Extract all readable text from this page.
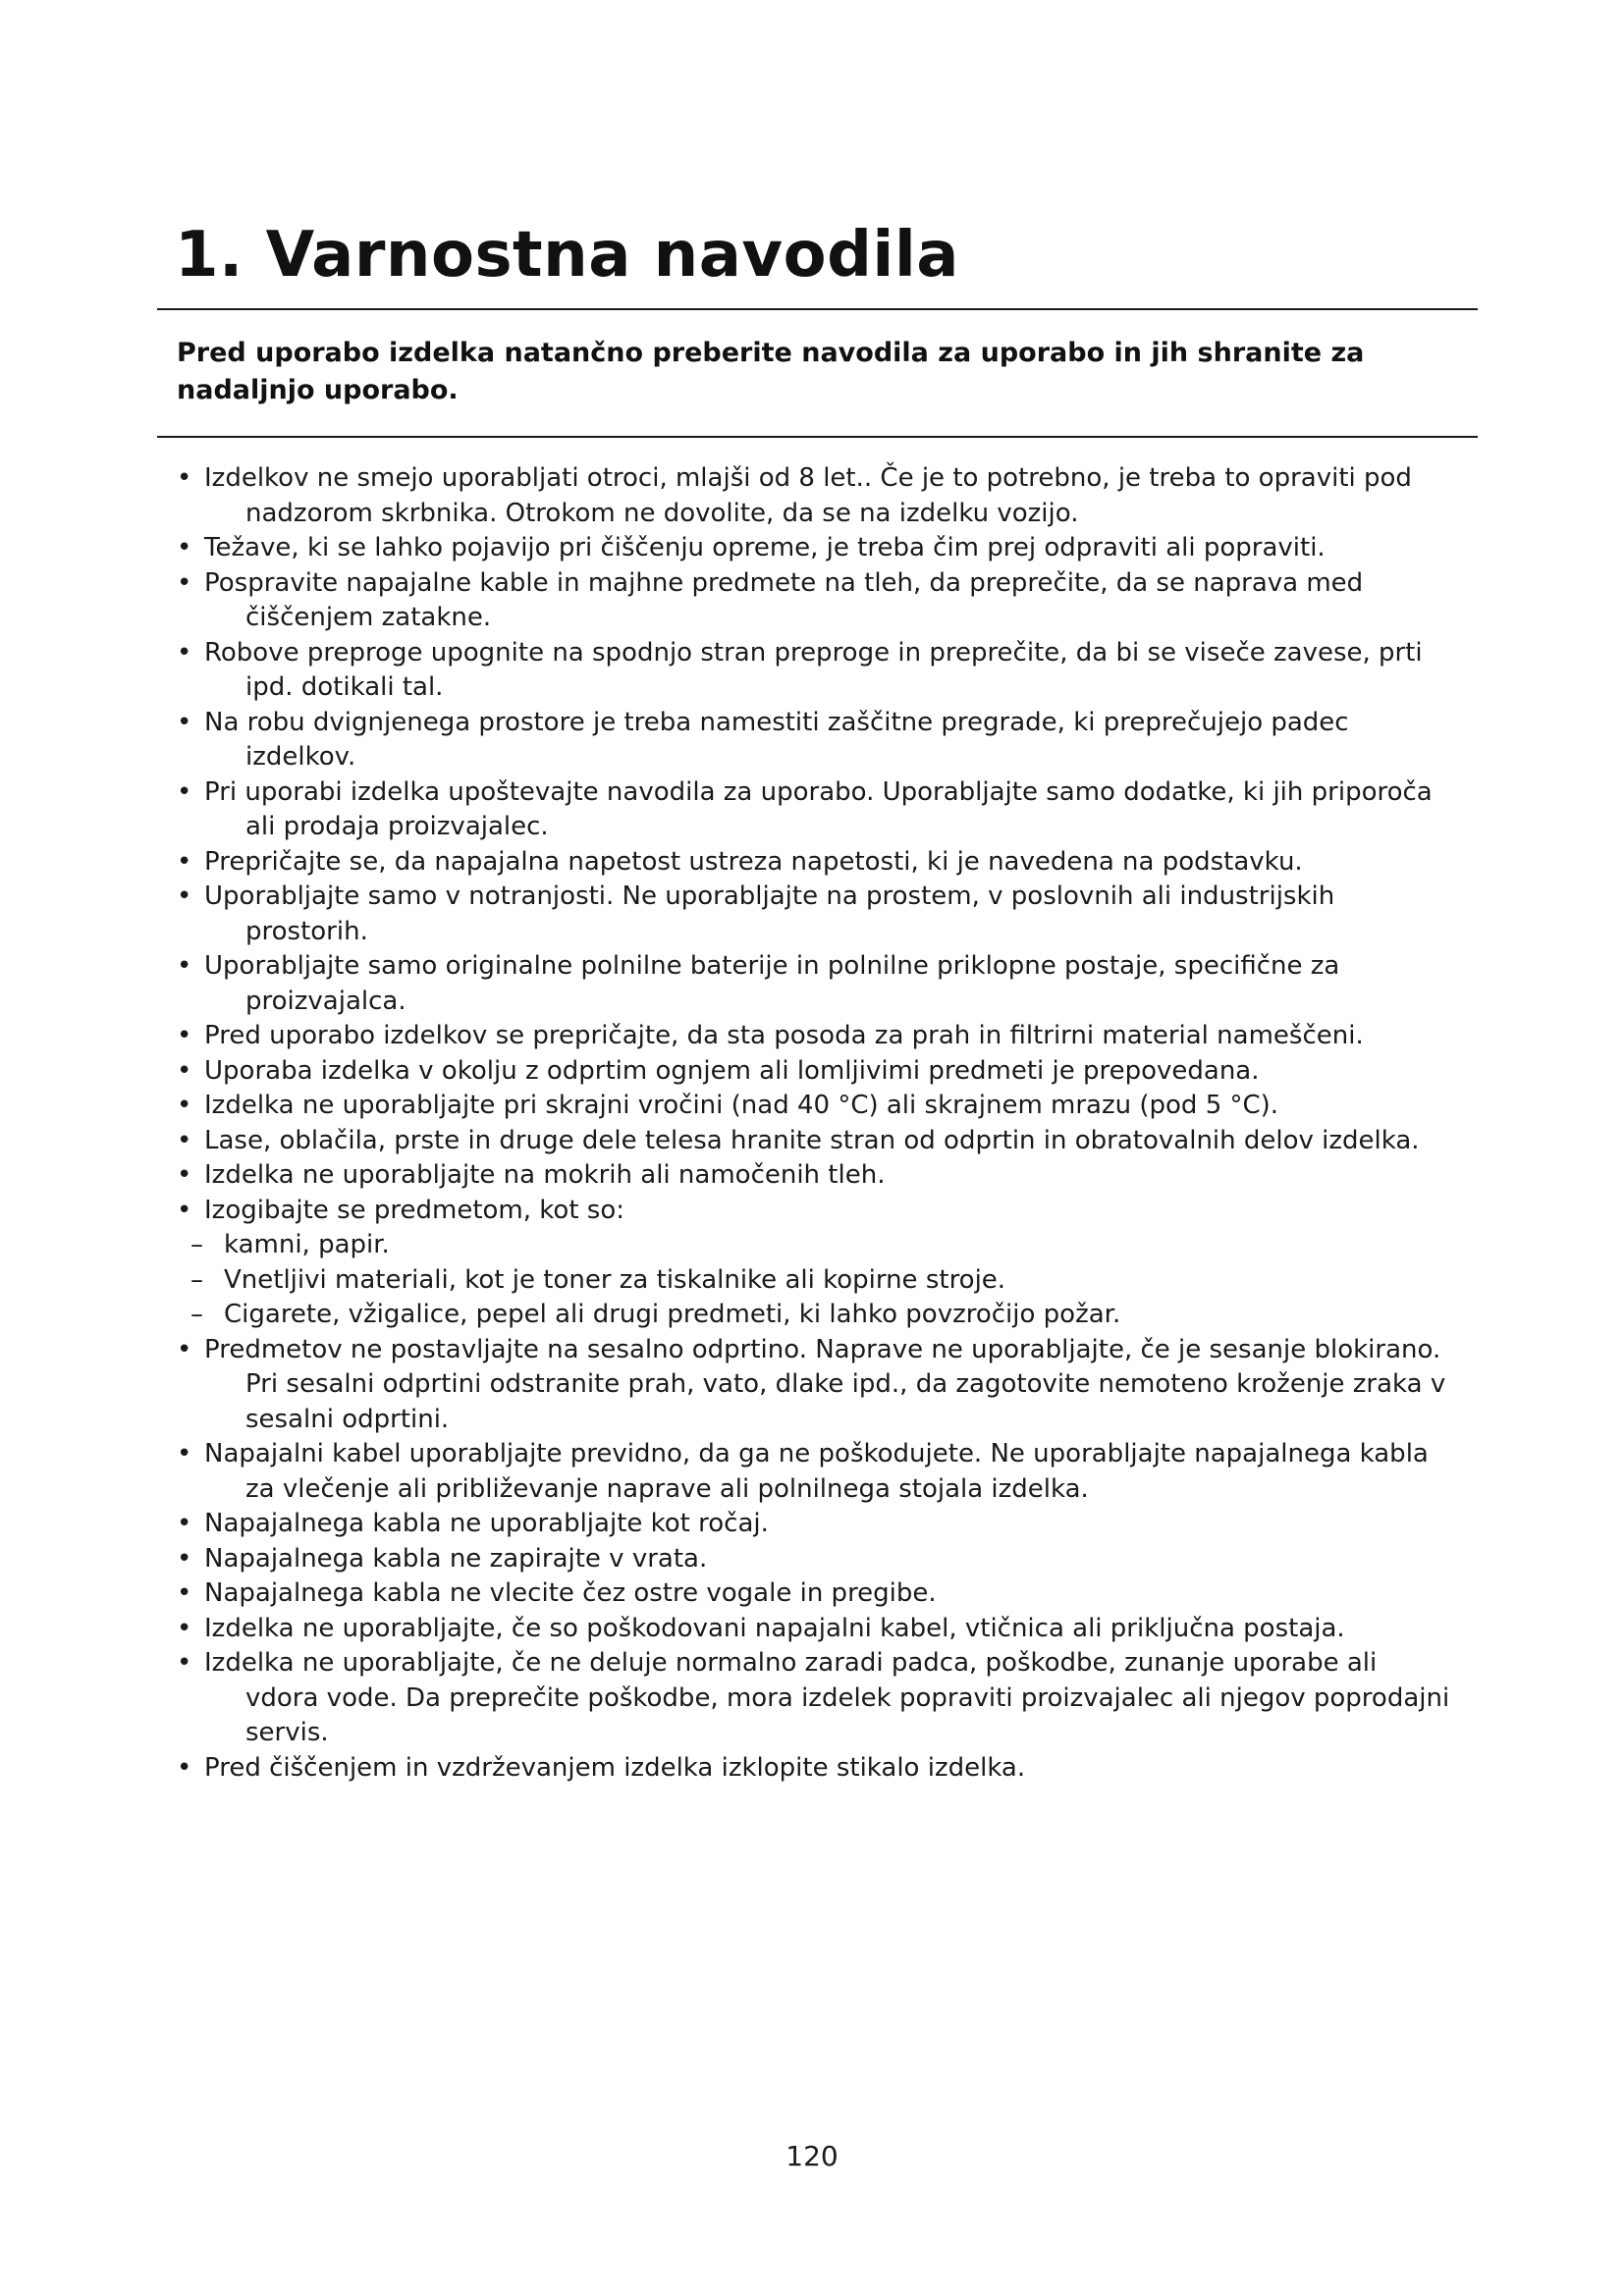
1. Varnostna navodila

Pred uporabo izdelka natančno preberite navodila za uporabo in jih shranite za nadaljnjo uporabo.

• Izdelkov ne smejo uporabljati otroci, mlajši od 8 let.. Če je to potrebno, je treba to opraviti pod nadzorom skrbnika. Otrokom ne dovolite, da se na izdelku vozijo.
• Težave, ki se lahko pojavijo pri čiščenju opreme, je treba čim prej odpraviti ali popraviti.
• Pospravite napajalne kable in majhne predmete na tleh, da preprečite, da se naprava med čiščenjem zatakne.
• Robove preproge upognite na spodnjo stran preproge in preprečite, da bi se viseče zavese, prti ipd. dotikali tal.
• Na robu dvignjenega prostore je treba namestiti zaščitne pregrade, ki preprečujejo padec izdelkov.
• Pri uporabi izdelka upoštevajte navodila za uporabo. Uporabljajte samo dodatke, ki jih priporoča ali prodaja proizvajalec.
• Prepričajte se, da napajalna napetost ustreza napetosti, ki je navedena na podstavku.
• Uporabljajte samo v notranjosti. Ne uporabljajte na prostem, v poslovnih ali industrijskih prostorih.
• Uporabljajte samo originalne polnilne baterije in polnilne priklopne postaje, specifične za proizvajalca.
• Pred uporabo izdelkov se prepričajte, da sta posoda za prah in filtrirni material nameščeni.
• Uporaba izdelka v okolju z odprtim ognjem ali lomljivimi predmeti je prepovedana.
• Izdelka ne uporabljajte pri skrajni vročini (nad 40 °C) ali skrajnem mrazu (pod 5 °C).
• Lase, oblačila, prste in druge dele telesa hranite stran od odprtin in obratovalnih delov izdelka.
• Izdelka ne uporabljajte na mokrih ali namočenih tleh.
• Izogibajte se predmetom, kot so:
– kamni, papir.
– Vnetljivi materiali, kot je toner za tiskalnike ali kopirne stroje.
– Cigarete, vžigalice, pepel ali drugi predmeti, ki lahko povzročijo požar.
• Predmetov ne postavljajte na sesalno odprtino. Naprave ne uporabljajte, če je sesanje blokirano. Pri sesalni odprtini odstranite prah, vato, dlake ipd., da zagotovite nemoteno kroženje zraka v sesalni odprtini.
• Napajalni kabel uporabljajte previdno, da ga ne poškodujete. Ne uporabljajte napajalnega kabla za vlečenje ali približevanje naprave ali polnilnega stojala izdelka.
• Napajalnega kabla ne uporabljajte kot ročaj.
• Napajalnega kabla ne zapirajte v vrata.
• Napajalnega kabla ne vlecite čez ostre vogale in pregibe.
• Izdelka ne uporabljajte, če so poškodovani napajalni kabel, vtičnica ali priključna postaja.
• Izdelka ne uporabljajte, če ne deluje normalno zaradi padca, poškodbe, zunanje uporabe ali vdora vode. Da preprečite poškodbe, mora izdelek popraviti proizvajalec ali njegov poprodajni servis.
• Pred čiščenjem in vzdrževanjem izdelka izklopite stikalo izdelka.
120
